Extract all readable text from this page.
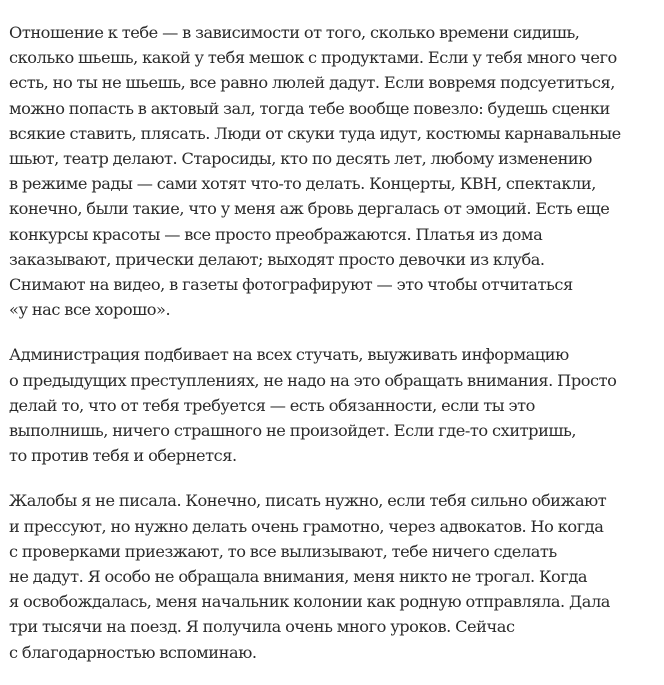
Отношение к тебе — в зависимости от того, сколько времени сидишь,
сколько шьешь, какой у тебя мешок с продуктами. Если у тебя много чего
есть, но ты не шьешь, все равно люлей дадут. Если вовремя подсуетиться,
можно попасть в актовый зал, тогда тебе вообще повезло: будешь сценки
всякие ставить, плясать. Люди от скуки туда идут, костюмы карнавальные
шьют, театр делают. Старосиды, кто по десять лет, любому изменению
в режиме рады — сами хотят что-то делать. Концерты, КВН, спектакли,
конечно, были такие, что у меня аж бровь дергалась от эмоций. Есть еще
конкурсы красоты — все просто преображаются. Платья из дома
заказывают, прически делают; выходят просто девочки из клуба.
Снимают на видео, в газеты фотографируют — это чтобы отчитаться
«у нас все хорошо».

Администрация подбивает на всех стучать, выуживать информацию
о предыдущих преступлениях, не надо на это обращать внимания. Просто
делай то, что от тебя требуется — есть обязанности, если ты это
выполнишь, ничего страшного не произойдет. Если где-то схитришь,
то против тебя и обернется.

Жалобы я не писала. Конечно, писать нужно, если тебя сильно обижают
и прессуют, но нужно делать очень грамотно, через адвокатов. Но когда
с проверками приезжают, то все вылизывают, тебе ничего сделать
не дадут. Я особо не обращала внимания, меня никто не трогал. Когда
я освобождалась, меня начальник колонии как родную отправляла. Дала
три тысячи на поезд. Я получила очень много уроков. Сейчас
с благодарностью вспоминаю.
